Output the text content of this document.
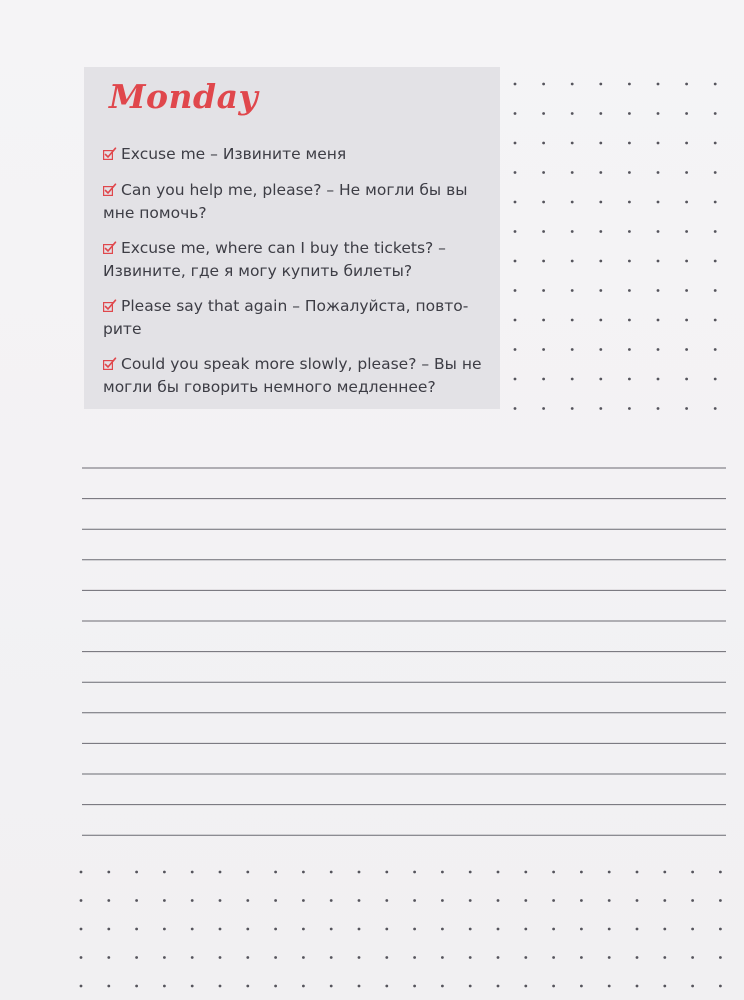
Monday
Excuse me – Извините меня
Can you help me, please? – Не могли бы вы мне помочь?
Excuse me, where can I buy the tickets? – Извините, где я могу купить билеты?
Please say that again – Пожалуйста, повто-рите
Could you speak more slowly, please? – Вы не могли бы говорить немного медленнее?
